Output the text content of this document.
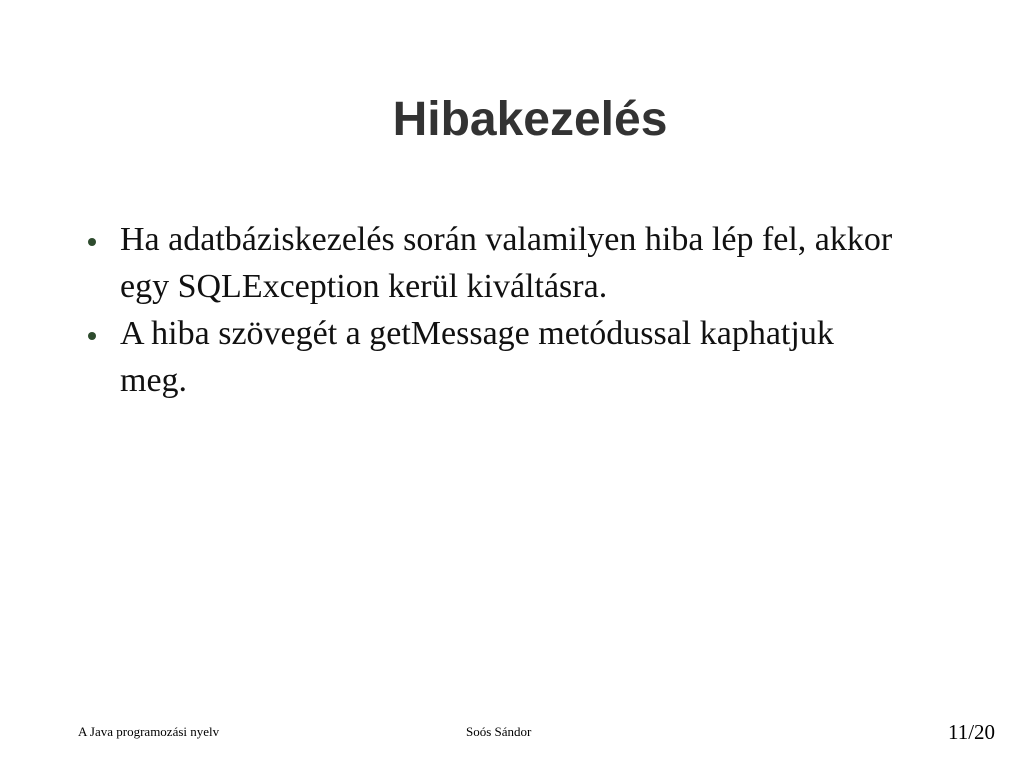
Hibakezelés
Ha adatbáziskezelés során valamilyen hiba lép fel, akkor egy SQLException kerül kiváltásra.
A hiba szövegét a getMessage metódussal kaphatjuk meg.
A Java programozási nyelv	Soós Sándor	11/20
